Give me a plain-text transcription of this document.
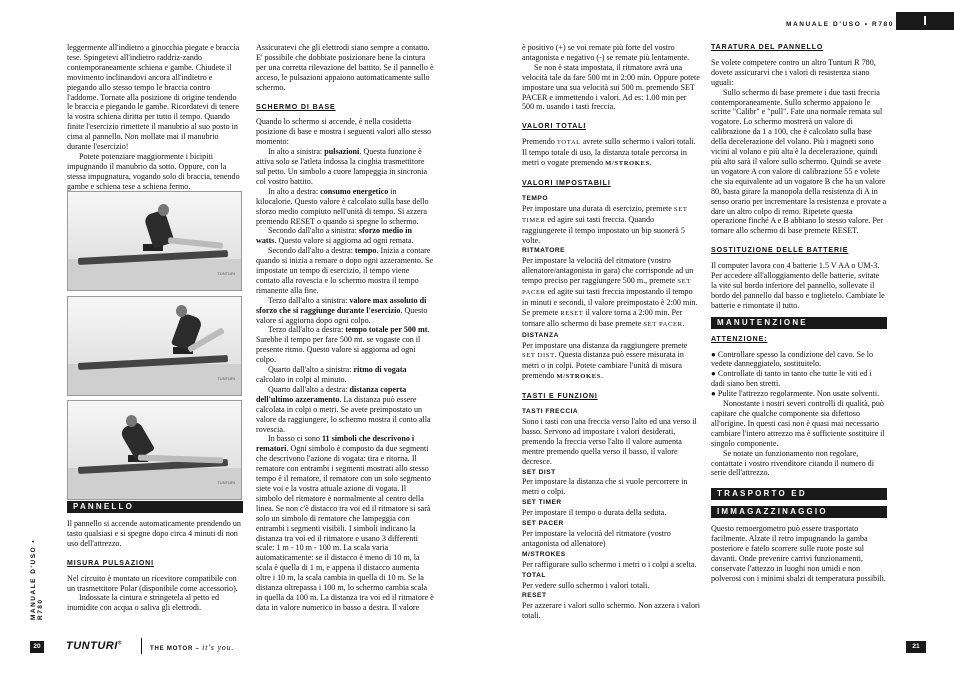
MANUALE D'USO • R780	I

leggermente all'indietro a ginocchia piegate e braccia tese. Spingetevi all'indietro raddriz-zando contemporaneamente schiena e gambe. Chiudete il movimento inclinandovi ancora all'indietro e piegando allo stesso tempo le braccia contro l'addome. Tornate alla posizione di origine tendendo le braccia e piegando le gambe. Ricordatevi di tenere la vostra schiena diritta per tutto il tempo. Quando finite l'esercizio rimettete il manubrio al suo posto in cima al pannello. Non mollate mai il manubrio durante l'esercizio!

Potete potenziare maggiormente i bicipiti impugnando il manubrio da sotto. Oppure, con la stessa impugnatura, vogando solo di braccia, tenendo gambe e schiena tese a schiena fermo.

TUNTURI
TUNTURI
TUNTURI
PANNELLO

Il pannello si accende automaticamente prendendo un tasto qualsiasi e si spegne dopo circa 4 minuti di non uso dell'attrezzo.

MISURA PULSAZIONI

Nel circuito è montato un ricevitore compatibile con un trasmettitore Polar (disponibile come accessorio).

Indossate la cintura e stringetela al petto ed inumidite con acqua o saliva gli elettrodi.

Assicuratevi che gli elettrodi siano sempre a contatto. E' possibile che dobbiate posizionare bene la cintura per una corretta rilevazione del battito. Se il pannello è acceso, le pulsazioni appaiono automaticamente sullo schermo.

SCHERMO DI BASE

Quando lo schermo si accende, è nella cosidetta posizione di base e mostra i seguenti valori allo stesso momento:

In alto a sinistra: pulsazioni. Questa funzione è attiva solo se l'atleta indossa la cinghia trasmettitore sul petto. Un simbolo a cuore lampeggia in sincronia col vostro battito.

In alto a destra: consumo energetico in kilocalorie. Questo valore è calcolato sulla base dello sforzo medio compiuto nell'unità di tempo. Si azzera premendo RESET o quando si spegne lo schermo.

Secondo dall'alto a sinistra: sforzo medio in watts. Questo valore si aggiorna ad ogni remata.

Secondo dall'alto a destra: tempo. Inizia a contare quando si inizia a remare o dopo ogni azzeramento. Se impostate un tempo di esercizio, il tempo viene contato alla rovescia e lo schermo mostra il tempo rimanente alla fine.

Terzo dall'alto a sinistra: valore max assoluto di sforzo che si raggiunge durante l'esercizio. Questo valore si aggiorna dopo ogni colpo.

Terzo dall'alto a destra: tempo totale per 500 mt. Sarebbe il tempo per fare 500 mt. se vogaste con il presente ritmo. Questo valore si aggiorna ad ogni colpo.

Quarto dall'alto a sinistra: ritmo di vogata calcolato in colpi al minuto.

Quarto dall'alto a destra: distanza coperta dell'ultimo azzeramento. La distanza può essere calcolata in colpi o metri. Se avete preimpostato un valore da raggiungere, lo schermo mostra il conto alla rovescia.

In basso ci sono 11 simboli che descrivono i rematori. Ogni simbolo è composto da due segmenti che descrivono l'azione di vogata: tira e ritorna. Il rematore con entrambi i segmenti mostrati allo stesso tempo è il rematore, il rematore con un solo segmento siete voi e la vostra attuale azione di vogata. Il simbolo del ritmatore è normalmente al centro della linea. Se non c'è distacco tra voi ed il ritmatore si sarà solo un simbolo di rematore che lampeggia con entrambi i segmenti visibili. I simboli indicano la distanza tra voi ed il ritmatore e usano 3 differenti scale: 1 m - 10 m - 100 m. La scala varia automaticamente: se il distacco è meno di 10 m, la scala è quella di 1 m, e appena il distacco aumenta oltre i 10 m, la scala cambia in quella di 10 m. Se la distanza oltrepassa i 100 m, lo schermo cambia scala in quella da 100 m. La distanza tra voi ed il ritmatore è data in valore numerico in basso a destra. Il valore

è positivo (+) se voi remate più forte del vostro antagonista e negativo (-) se remate più lentamente.

Se non è stata impostata, il ritmatore avrà una velocità tale da fare 500 mt in 2:00 min. Oppure potete impostare una sua velocità sui 500 m. premendo SET PACER e immettendo i valori. Ad es: 1.00 min per 500 m. usando i tasti freccia.

VALORI TOTALI

Premendo TOTAL avrete sullo schermo i valori totali. Il tempo totale di uso, la distanza totale percorsa in metri o vogate premendo M/STROKES.

VALORI IMPOSTABILI
TEMPO

Per impostare una durata di esercizio, premete SET TIMER ed agire sui tasti freccia. Quando raggiungerete il tempo impostato un bip suonerà 5 volte.

RITMATORE

Per impostare la velocità del ritmatore (vostro allenatore/antagonista in gara) che corrisponde ad un tempo preciso per raggiungere 500 m., premete SET PACER ed agite sui tasti freccia impostando il tempo in minuti e secondi, il valore preimpostato è 2:00 min. Se premete RESET il valore torna a 2:00 min. Per tornare allo schermo di base premete SET PACER.

DISTANZA

Per impostare una distanza da raggiungere premete SET DIST. Questa distanza può essere misurata in metri o in colpi. Potete cambiare l'unità di misura premendo M/STROKES.

TASTI E FUNZIONI
TASTI FRECCIA

Sono i tasti con una freccia verso l'alto ed una verso il basso. Servono ad impostare i valori desiderati, premendo la freccia verso l'alto il valore aumenta mentre premendo quella verso il basso, il valore decresce.

SET DIST

Per impostare la distanza che si vuole percorrere in metri o colpi.

SET TIMER

Per impostare il tempo o durata della seduta.

SET PACER

Per impostare la velocità del ritmatore (vostro antagonista od allenatore)

M/STROKES

Per raffigurare sullo schermo i metri o i colpi a scelta.

TOTAL

Per vedere sullo schermo i valori totali.

RESET

Per azzerare i valori sullo schermo. Non azzera i valori totali.

TARATURA DEL PANNELLO

Se volete competere contro un altro Tunturi R 780, dovete assicurarvi che i valori di resistenza siano uguali:

Sullo schermo di base premete i due tasti freccia contemporaneamente. Sullo schermo appaiono le scritte "Calibr" e "pull". Fate una normale remata sul vogatore. Lo schermo mostrerà un valore di calibrazione da 1 a 100, che è calcolato sulla base della decelerazione del volano. Più i magneti sono vicini al volano e più alta è la decelerazione, quindi più alto sarà il valore sullo schermo. Quindi se avete un vogatore A con valore di calibrazione 55 e volete che sia equivalente ad un vogatore B che ha un valore 80, basta girare la manopola della resistenza di A in senso orario per incrementare la resistenza e provate a dare un altro colpo di remo. Ripetete questa operazione finché A e B abbiano lo stesso valore. Per tornare allo schermo di base premete RESET.

SOSTITUZIONE DELLE BATTERIE

Il computer lavora con 4 batterie 1.5 V AA o UM-3. Per accedere all'alloggiamento delle batterie, svitate la vite sul bordo inferiore del pannello, sollevate il bordo del pannello dal basso e toglietelo. Cambiate le batterie e rimontate il tutto.

MANUTENZIONE
ATTENZIONE:

● Controllare spesso la condizione del cavo. Se lo vedete danneggiatelo, sostituitelo.

● Controllate di tanto in tanto che tutte le viti ed i dadi siano ben stretti.

● Pulite l'attrezzo regolarmente. Non usate solventi.

Nonostante i nostri severi controlli di qualità, può capitare che qualche componente sia difettoso all'origine. In questi casi non è quasi mai necessario cambiare l'intero attrezzo ma è sufficiente sostituire il singolo componente.

Se notate un funzionamento non regolare, contattate i vostro rivenditore citando il numero di serie dell'attrezzo.

TRASPORTO ED
IMMAGAZZINAGGIO

Questo remoergometro può essere trasportato facilmente. Alzate il retro impugnando la gamba posteriore e fatelo scorrere sulle ruote poste sul davanti. Onde prevenire carrivi funzionamenti, conservate l'attezzo in luoghi non umidi e non polverosi con i minimi sbalzi di temperatura possibili.

MANUALE D'USO • R780
20	TUNTURI®
THE MOTOR – it's you.	21
